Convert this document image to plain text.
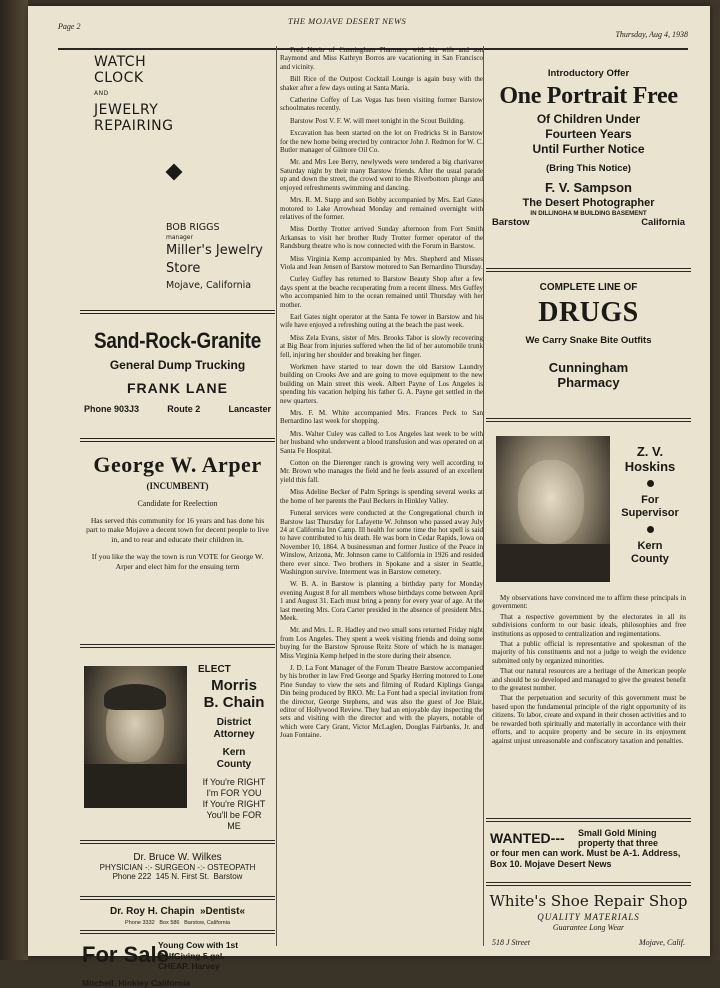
Page 2
THE MOJAVE DESERT NEWS
Thursday, Aug 4, 1938
WATCH
CLOCK
AND
JEWELRY
REPAIRING
BOB RIGGS
manager
Miller's Jewelry
Store
Mojave, California
Sand-Rock-Granite
General Dump Trucking
FRANK LANE
Phone 903J3	Route 2	Lancaster
George W. Arper
(INCUMBENT)
Candidate for Reelection

Has served this community for 16 years and has done his part to make Mojave a decent town for decent people to live in, and to rear and educate their children in.

If you like the way the town is run VOTE for George W. Arper and elect him for the ensuing term

ELECT
Morris
B. Chain
District
Attorney
Kern
County
If You're RIGHT
I'm FOR YOU
If You're RIGHT
You'll be FOR
ME
Dr. Bruce W. Wilkes
PHYSICIAN -:- SURGEON -:- OSTEOPATH
Phone 222 145 N. First St. Barstow
Dr. Roy H. Chapin »Dentist«
Phone 3332 Box 586 Barstow, California
For Sale
Young Cow with 1st
CalfGiving 5 gal.
CHEAP. Harvey
Mitchell, Hinkley California

Fred Nevin of Cunningham Pharmacy with his wife and son Raymond and Miss Kathryn Borros are vacationing in San Francisco and vicinity.

Bill Rice of the Outpost Cocktail Lounge is again busy with the shaker after a few days outing at Santa Maria.

Catherine Coffey of Las Vegas has been visiting former Barstow schoolmates recently.

Barstow Post V. F. W. will meet tonight in the Scout Building.

Excavation has been started on the lot on Fredricks St in Barstow for the new home being erected by contractor John J. Redmon for W. C. Butler manager of Gilmore Oil Co.

Mr. and Mrs Lee Berry, newlyweds were tendered a big charivaree Saturday night by their many Barstow friends. After the usual parade up and down the street, the crowd went to the Riverbottom plunge and enjoyed refreshments swimming and dancing.

Mrs. R. M. Stapp and son Bobby accompanied by Mrs. Earl Gates motored to Lake Arrowhead Monday and remained overnight with relatives of the former.

Miss Dorthy Trotter arrived Sunday afternoon from Fort Smith Arkansas to visit her brother Rudy Trotter former operator of the Randsburg theatre who is now connected with the Forum in Barstow.

Miss Virginia Kemp accompanied by Mrs. Shepherd and Misses Viola and Jean Jensen of Barstow motored to San Bernardino Thursday.

Curley Guffey has returned to Barstow Beauty Shop after a few days spent at the beache recuperating from a recent illness. Mrs Guffey who accompanied him to the ocean remained until Thursday with her mother.

Earl Gates night operator at the Santa Fe tower in Barstow and his wife have enjoyed a refreshing outing at the beach the past week.

Miss Zela Evans, sister of Mrs. Brooks Tabor is slowly recovering at Big Bear from injuries suffered when the lid of her automobile trunk fell, injuring her shoulder and breaking her finger.

Workmen have started to tear down the old Barstow Laundry building on Crooks Ave and are going to move equipment to the new building on Main street this week. Albert Payne of Los Angeles is spending his vacation helping his father G. A. Payne get settled in the new quarters.

Mrs. F. M. White accompanied Mrs. Frances Peck to San Bernardino last week for shopping.

Mrs. Walter Culey was called to Los Angeles last week to be with her husband who underwent a blood transfusion and was operated on at Santa Fe Hospital.

Cotton on the Dierenger ranch is growing very well according to Mr. Brown who manages the field and he feels assured of an excellent yield this fall.

Miss Adeline Becker of Palm Springs is spending several weeks at the home of her parents the Paul Beckers in Hinkley Valley.

Funeral services were conducted at the Congregational church in Barstow last Thursday for Lafayette W. Johnson who passed away July 24 at California Inn Camp. Ill health for some time the hot spell is said to have contributed to his death. He was born in Cedar Rapids, Iowa on November 10, 1864. A businessman and former Justice of the Peace in Winslow, Arizona, Mr. Johnson came to California in 1926 and resided there ever since. Two brothers in Spokane and a sister in Seattle, Washington survive. Interment was in Barstow cemetery.

W. B. A. in Barstow is planning a birthday party for Monday evening August 8 for all members whose birthdays come between April 1 and August 31. Each must bring a penny for every year of age. At the last meeting Mrs. Cora Carter presided in the absence of president Mrs. Meek.

Mr. and Mrs. L. R. Hadley and two small sons returned Friday night from Los Angeles. They spent a week visiting friends and doing some buying for the Barstow Sprouse Reitz Store of which he is manager. Miss Virginia Kemp helped in the store during their absence.

J. D. La Font Manager of the Forum Theatre Barstow accompanied by his brother in law Fred George and Sparky Herring motored to Lone Pine Sunday to view the sets and filming of Rudard Kiplings Gunga Din being produced by RKO. Mr. La Font had a special invitation from the director, George Stephens, and was also the guest of Joe Blair, editor of Hollywood Review. They had an enjoyable day inspecting the sets and visiting with the director and with the players, notable of which were Cary Grant, Victor McLaglen, Douglas Fairbanks, Jr. and Joan Fontaine.

Introductory Offer
One Portrait Free
Of Children Under
Fourteen Years
Until Further Notice
(Bring This Notice)
F. V. Sampson
The Desert Photographer
IN DILLINGHA M BUILDING BASEMENT
Barstow	California
COMPLETE LINE OF
DRUGS
We Carry Snake Bite Outfits
Cunningham
Pharmacy
Z. V.
Hoskins
For
Supervisor
Kern
County

My observations have convinced me to affirm these principals in government:

That a respective government by the electorates in all its subdivisions conform to our basic ideals, philosophies and free institutions as opposed to centralization and regimentations.

That a public official is representative and spokesman of the majority of his constituents and not a judge to weigh the evidence submitted only by organized minorities.

That our natural resources are a heritage of the American people and should be so developed and managed to give the greatest benefit to the greatest number.

That the perpetuation and security of this government must be based upon the fundamental principle of the right opportunity of its citizens. To labor, create and expand in their chosen activities and to be rewarded both spiritually and materially in accordance with their efforts, and to acquire property and be secure in its enjoyment against unjust unreasonable and confiscatory taxation and penalties.

WANTED--- Small Gold Mining property that three
or four men can work. Must be A-1. Address, Box 10. Mojave Desert News
White's Shoe Repair Shop
QUALITY MATERIALS
Guarantee Long Wear
518 J Street	Mojave, Calif.
